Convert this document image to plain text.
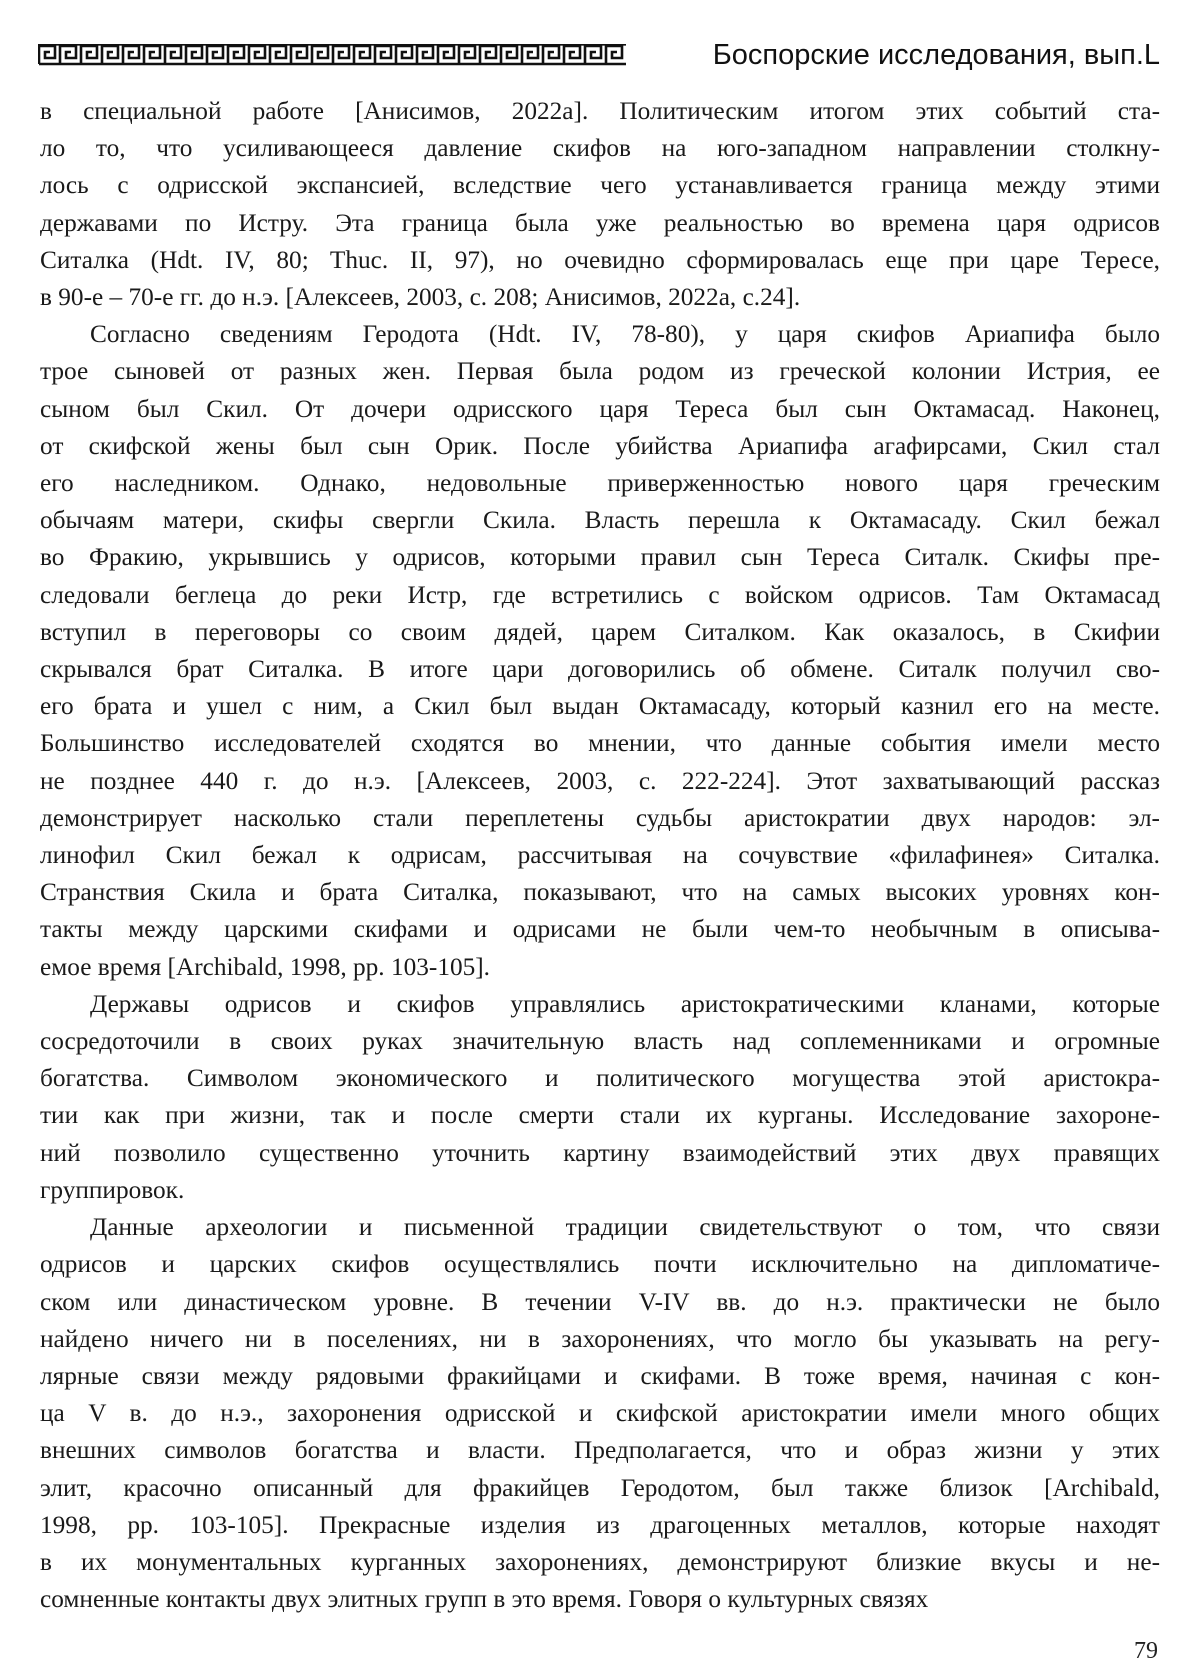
Боспорские исследования, вып.L

в специальной работе [Анисимов, 2022а]. Политическим итогом этих событий ста-
ло то, что усиливающееся давление скифов на юго-западном направлении столкну-
лось с одрисской экспансией, вследствие чего устанавливается граница между этими
державами по Истру. Эта граница была уже реальностью во времена царя одрисов
Ситалка (Hdt. IV, 80; Thuc. II, 97), но очевидно сформировалась еще при царе Тересе,
в 90-е – 70-е гг. до н.э. [Алексеев, 2003, с. 208; Анисимов, 2022а, с.24].

Согласно сведениям Геродота (Hdt. IV, 78-80), у царя скифов Ариапифа было
трое сыновей от разных жен. Первая была родом из греческой колонии Истрия, ее
сыном был Скил. От дочери одрисского царя Тереса был сын Октамасад. Наконец,
от скифской жены был сын Орик. После убийства Ариапифа агафирсами, Скил стал
его наследником. Однако, недовольные приверженностью нового царя греческим
обычаям матери, скифы свергли Скила. Власть перешла к Октамасаду. Скил бежал
во Фракию, укрывшись у одрисов, которыми правил сын Тереса Ситалк. Скифы пре-
следовали беглеца до реки Истр, где встретились с войском одрисов. Там Октамасад
вступил в переговоры со своим дядей, царем Ситалком. Как оказалось, в Скифии
скрывался брат Ситалка. В итоге цари договорились об обмене. Ситалк получил сво-
его брата и ушел с ним, а Скил был выдан Октамасаду, который казнил его на месте.
Большинство исследователей сходятся во мнении, что данные события имели место
не позднее 440 г. до н.э. [Алексеев, 2003, с. 222-224]. Этот захватывающий рассказ
демонстрирует насколько стали переплетены судьбы аристократии двух народов: эл-
линофил Скил бежал к одрисам, рассчитывая на сочувствие «филафинея» Ситалка.
Странствия Скила и брата Ситалка, показывают, что на самых высоких уровнях кон-
такты между царскими скифами и одрисами не были чем-то необычным в описыва-
емое время [Archibald, 1998, pp. 103-105].

Державы одрисов и скифов управлялись аристократическими кланами, которые
сосредоточили в своих руках значительную власть над соплеменниками и огромные
богатства. Символом экономического и политического могущества этой аристокра-
тии как при жизни, так и после смерти стали их курганы. Исследование захороне-
ний позволило существенно уточнить картину взаимодействий этих двух правящих
группировок.

Данные археологии и письменной традиции свидетельствуют о том, что связи
одрисов и царских скифов осуществлялись почти исключительно на дипломатиче-
ском или династическом уровне. В течении V-IV вв. до н.э. практически не было
найдено ничего ни в поселениях, ни в захоронениях, что могло бы указывать на регу-
лярные связи между рядовыми фракийцами и скифами. В тоже время, начиная с кон-
ца V в. до н.э., захоронения одрисской и скифской аристократии имели много общих
внешних символов богатства и власти. Предполагается, что и образ жизни у этих
элит, красочно описанный для фракийцев Геродотом, был также близок [Archibald,
1998, pp. 103-105]. Прекрасные изделия из драгоценных металлов, которые находят
в их монументальных курганных захоронениях, демонстрируют близкие вкусы и не-
сомненные контакты двух элитных групп в это время. Говоря о культурных связях

79
